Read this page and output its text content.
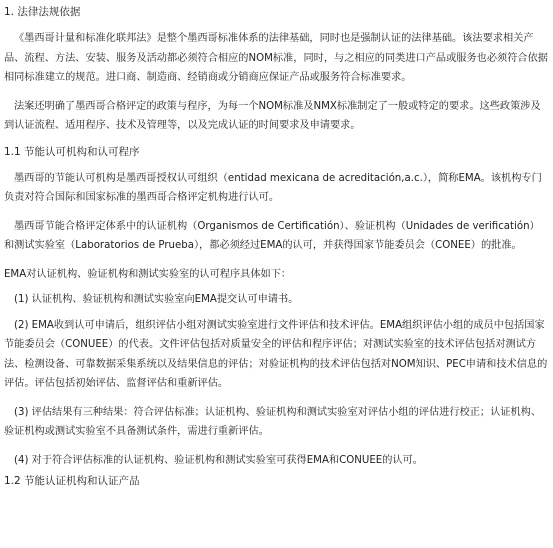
1. 法律法规依据

《墨西哥计量和标准化联邦法》是整个墨西哥标准体系的法律基础，同时也是强制认证的法律基础。该法要求相关产品、流程、方法、安装、服务及活动都必须符合相应的NOM标准，同时，与之相应的同类进口产品或服务也必须符合依据相同标准建立的规范。进口商、制造商、经销商或分销商应保证产品或服务符合标准要求。

法案还明确了墨西哥合格评定的政策与程序，为每一个NOM标准及NMX标准制定了一般或特定的要求。这些政策涉及到认证流程、适用程序、技术及管理等，以及完成认证的时间要求及申请要求。

1.1 节能认可机构和认可程序

墨西哥的节能认可机构是墨西哥授权认可组织（entidad mexicana de acreditación,a.c.），简称EMA。该机构专门负责对符合国际和国家标准的墨西哥合格评定机构进行认可。

墨西哥节能合格评定体系中的认证机构（Organismos de Certificatión）、验证机构（Unidades de verificatión）和测试实验室（Laboratorios de Prueba），都必须经过EMA的认可，并获得国家节能委员会（CONEE）的批准。

EMA对认证机构、验证机构和测试实验室的认可程序具体如下：

(1) 认证机构、验证机构和测试实验室向EMA提交认可申请书。

(2) EMA收到认可申请后，组织评估小组对测试实验室进行文件评估和技术评估。EMA组织评估小组的成员中包括国家节能委员会（CONUEE）的代表。文件评估包括对质量安全的评估和程序评估；对测试实验室的技术评估包括对测试方法、检测设备、可靠数据采集系统以及结果信息的评估；对验证机构的技术评估包括对NOM知识、PEC申请和技术信息的评估。评估包括初始评估、监督评估和重新评估。

(3) 评估结果有三种结果：符合评估标准；认证机构、验证机构和测试实验室对评估小组的评估进行校正；认证机构、验证机构或测试实验室不具备测试条件，需进行重新评估。

(4) 对于符合评估标准的认证机构、验证机构和测试实验室可获得EMA和CONUEE的认可。

1.2 节能认证机构和认证产品
